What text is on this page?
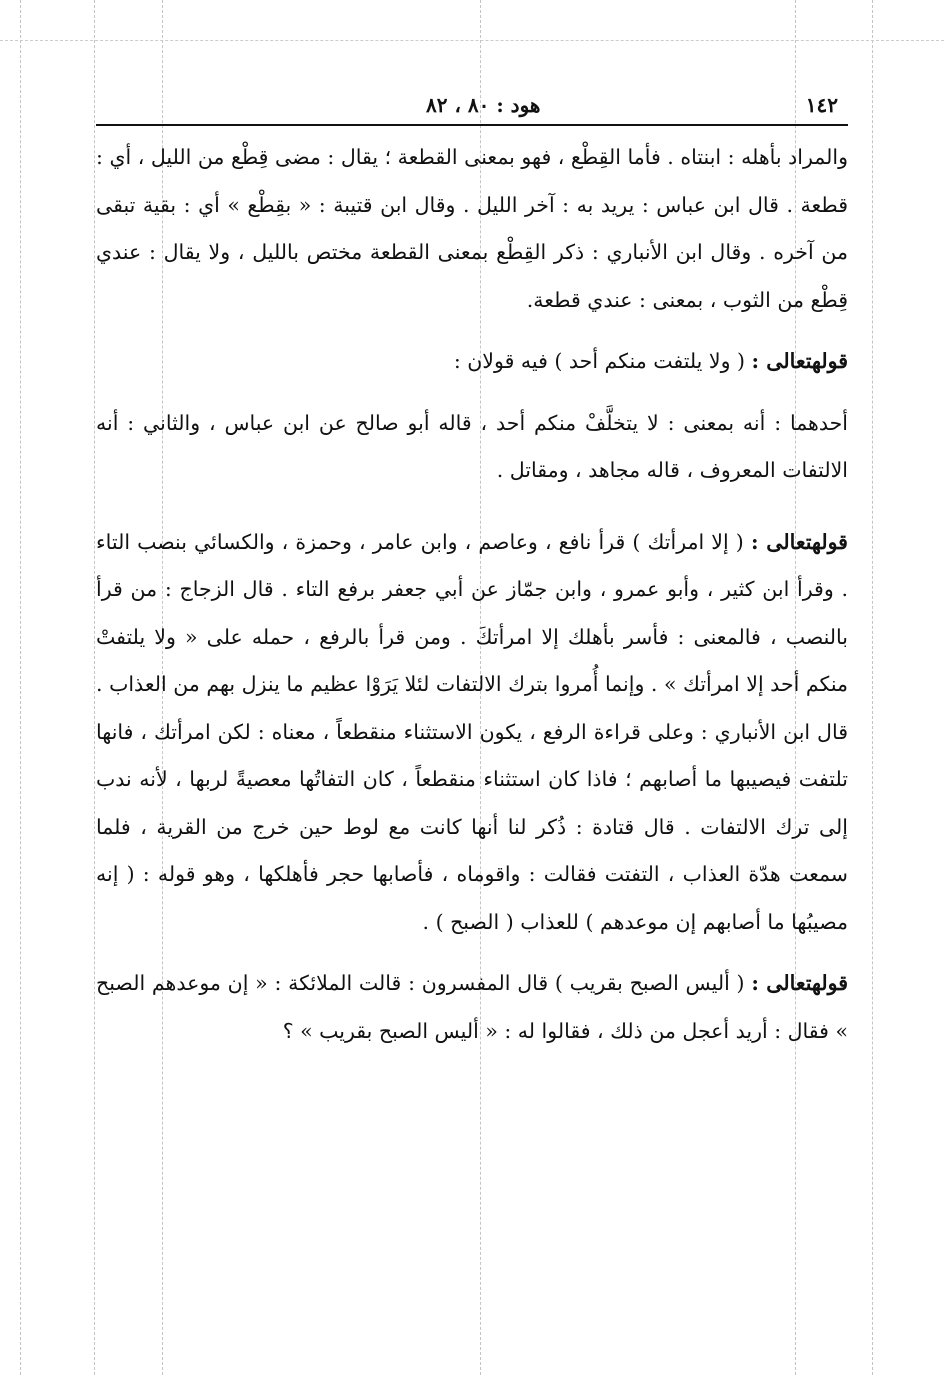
١٤٢
هود : ٨٠ ، ٨٢

والمراد بأهله : ابنتاه . فأما القِطْع ، فهو بمعنى القطعة ؛ يقال : مضى قِطْع من الليل ، أي : قطعة . قال ابن عباس : يريد به : آخر الليل . وقال ابن قتيبة : « بقِطْع » أي : بقية تبقى من آخره . وقال ابن الأنباري : ذكر القِطْع بمعنى القطعة مختص بالليل ، ولا يقال : عندي قِطْع من الثوب ، بمعنى : عندي قطعة.

قولهتعالى : ( ولا يلتفت منكم أحد ) فيه قولان :

أحدهما : أنه بمعنى : لا يتخلَّفْ منكم أحد ، قاله أبو صالح عن ابن عباس ، والثاني : أنه الالتفات المعروف ، قاله مجاهد ، ومقاتل .

قولهتعالى : ( إلا امرأتك ) قرأ نافع ، وعاصم ، وابن عامر ، وحمزة ، والكسائي بنصب التاء . وقرأ ابن كثير ، وأبو عمرو ، وابن جمّاز عن أبي جعفر برفع التاء . قال الزجاج : من قرأ بالنصب ، فالمعنى : فأسر بأهلك إلا امرأتكَ . ومن قرأ بالرفع ، حمله على « ولا يلتفتْ منكم أحد إلا امرأتك » . وإنما أُمروا بترك الالتفات لئلا يَرَوْا عظيم ما ينزل بهم من العذاب . قال ابن الأنباري : وعلى قراءة الرفع ، يكون الاستثناء منقطعاً ، معناه : لكن امرأتك ، فانها تلتفت فيصيبها ما أصابهم ؛ فاذا كان استثناء منقطعاً ، كان التفاتُها معصيةً لربها ، لأنه ندب إلى ترك الالتفات . قال قتادة : ذُكر لنا أنها كانت مع لوط حين خرج من القرية ، فلما سمعت هدّة العذاب ، التفتت فقالت : واقوماه ، فأصابها حجر فأهلكها ، وهو قوله : ( إنه مصيبُها ما أصابهم إن موعدهم ) للعذاب ( الصبح ) .

قولهتعالى : ( أليس الصبح بقريب ) قال المفسرون : قالت الملائكة : « إن موعدهم الصبح » فقال : أريد أعجل من ذلك ، فقالوا له : « أليس الصبح بقريب » ؟
